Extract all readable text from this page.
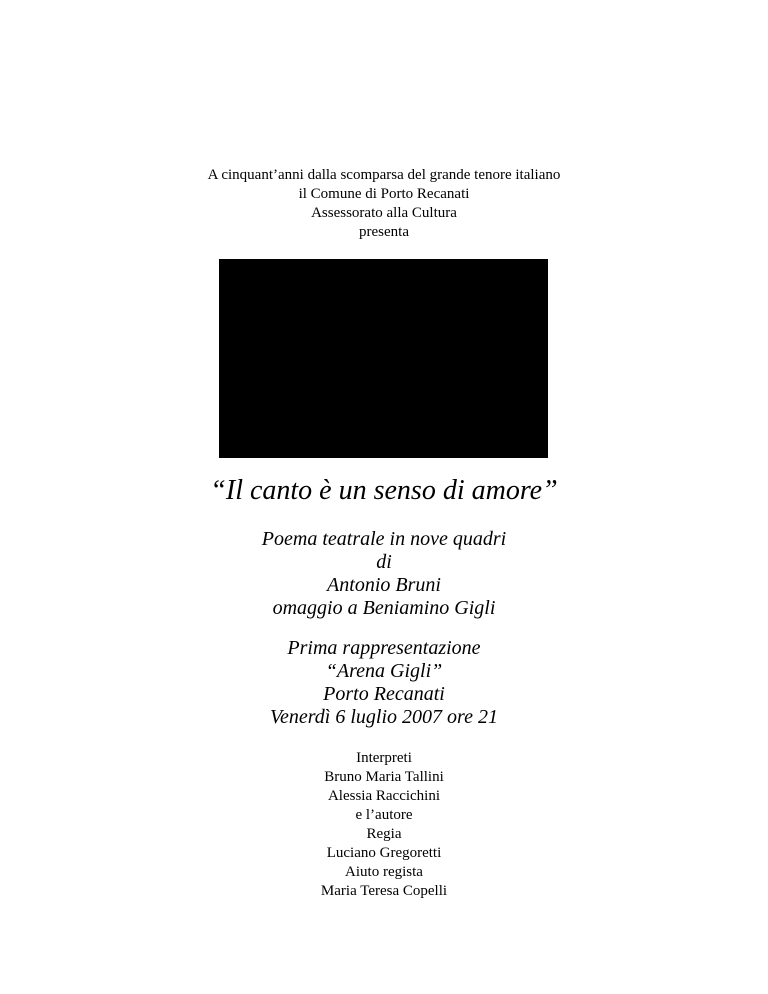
A cinquant’anni dalla scomparsa del grande tenore italiano
il Comune di Porto Recanati
Assessorato alla Cultura
presenta
“Il canto è un senso di amore”
Poema teatrale in nove quadri
di
Antonio Bruni
omaggio a Beniamino Gigli
Prima rappresentazione
“Arena Gigli”
Porto Recanati
Venerdì 6 luglio 2007 ore 21
Interpreti
Bruno Maria Tallini
Alessia Raccichini
e l’autore
Regia
Luciano Gregoretti
Aiuto regista
Maria Teresa Copelli
